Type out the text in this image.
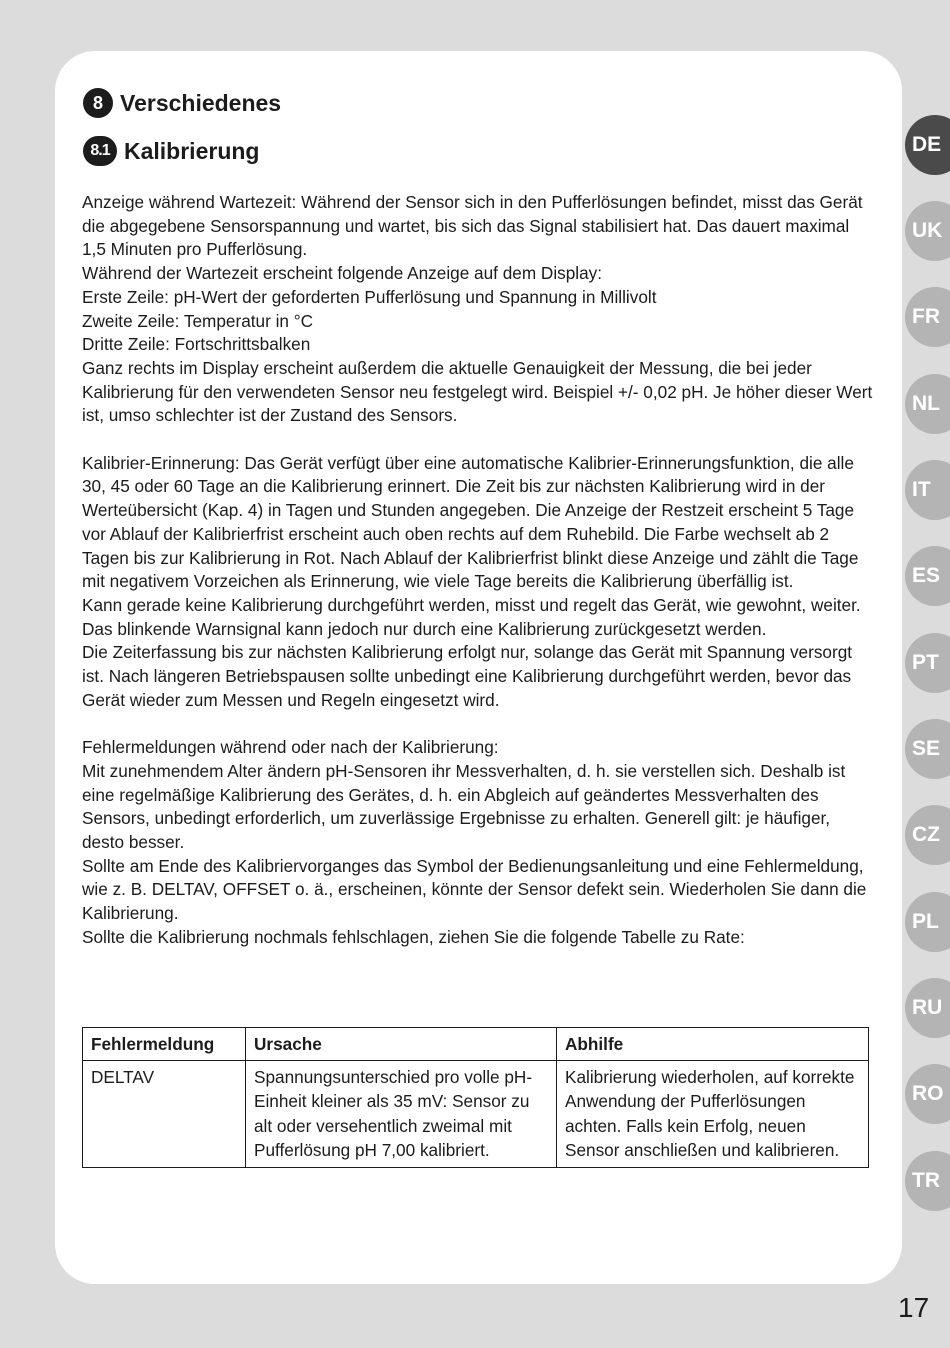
8 Verschiedenes
8.1 Kalibrierung

Anzeige während Wartezeit: Während der Sensor sich in den Pufferlösungen befindet, misst das Gerät die abgegebene Sensorspannung und wartet, bis sich das Signal stabilisiert hat. Das dauert maximal 1,5 Minuten pro Pufferlösung.

Während der Wartezeit erscheint folgende Anzeige auf dem Display:

Erste Zeile: pH-Wert der geforderten Pufferlösung und Spannung in Millivolt

Zweite Zeile: Temperatur in °C

Dritte Zeile: Fortschrittsbalken

Ganz rechts im Display erscheint außerdem die aktuelle Genauigkeit der Messung, die bei jeder Kalibrierung für den verwendeten Sensor neu festgelegt wird. Beispiel +/- 0,02 pH. Je höher dieser Wert ist, umso schlechter ist der Zustand des Sensors.

Kalibrier-Erinnerung: Das Gerät verfügt über eine automatische Kalibrier-Erinnerungsfunktion, die alle 30, 45 oder 60 Tage an die Kalibrierung erinnert. Die Zeit bis zur nächsten Kalibrierung wird in der Werteübersicht (Kap. 4) in Tagen und Stunden angegeben. Die Anzeige der Restzeit erscheint 5 Tage vor Ablauf der Kalibrierfrist erscheint auch oben rechts auf dem Ruhebild. Die Farbe wechselt ab 2 Tagen bis zur Kalibrierung in Rot. Nach Ablauf der Kalibrierfrist blinkt diese Anzeige und zählt die Tage mit negativem Vorzeichen als Erinnerung, wie viele Tage bereits die Kalibrierung überfällig ist.

Kann gerade keine Kalibrierung durchgeführt werden, misst und regelt das Gerät, wie gewohnt, weiter. Das blinkende Warnsignal kann jedoch nur durch eine Kalibrierung zurückgesetzt werden.

Die Zeiterfassung bis zur nächsten Kalibrierung erfolgt nur, solange das Gerät mit Spannung versorgt ist. Nach längeren Betriebspausen sollte unbedingt eine Kalibrierung durchgeführt werden, bevor das Gerät wieder zum Messen und Regeln eingesetzt wird.

Fehlermeldungen während oder nach der Kalibrierung:

Mit zunehmendem Alter ändern pH-Sensoren ihr Messverhalten, d. h. sie verstellen sich. Deshalb ist eine regelmäßige Kalibrierung des Gerätes, d. h. ein Abgleich auf geändertes Messverhalten des Sensors, unbedingt erforderlich, um zuverlässige Ergebnisse zu erhalten. Generell gilt: je häufiger, desto besser.

Sollte am Ende des Kalibriervorganges das Symbol der Bedienungsanleitung und eine Fehlermeldung, wie z. B. DELTAV, OFFSET o. ä., erscheinen, könnte der Sensor defekt sein. Wiederholen Sie dann die Kalibrierung.

Sollte die Kalibrierung nochmals fehlschlagen, ziehen Sie die folgende Tabelle zu Rate:

Fehlermeldung	Ursache	Abhilfe
DELTAV	Spannungsunterschied pro volle pH-Einheit kleiner als 35 mV: Sensor zu alt oder versehentlich zweimal mit Pufferlösung pH 7,00 kalibriert.	Kalibrierung wiederholen, auf korrekte Anwendung der Pufferlösungen achten. Falls kein Erfolg, neuen Sensor anschließen und kalibrieren.
DE
UK
FR
NL
IT
ES
PT
SE
CZ
PL
RU
RO
TR
17
